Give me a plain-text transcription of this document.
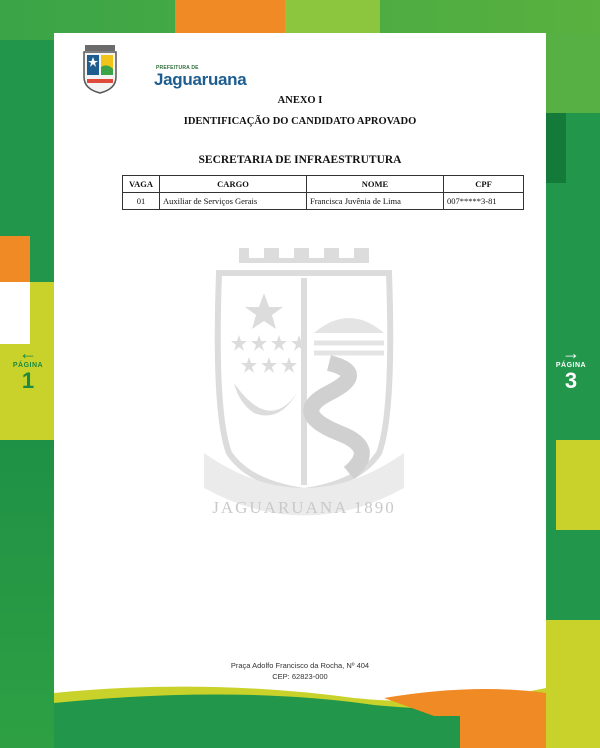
PREFEITURA DE
Jaguaruana
ANEXO I
IDENTIFICAÇÃO DO CANDIDATO APROVADO
SECRETARIA DE INFRAESTRUTURA
VAGA	CARGO	NOME	CPF
01	Auxiliar de Serviços Gerais	Francisca Juvênia de Lima	007*****3-81
JAGUARUANA 1890
Praça Adolfo Francisco da Rocha, Nº 404
CEP: 62823-000
←
PÁGINA
1
→
PÁGINA
3
